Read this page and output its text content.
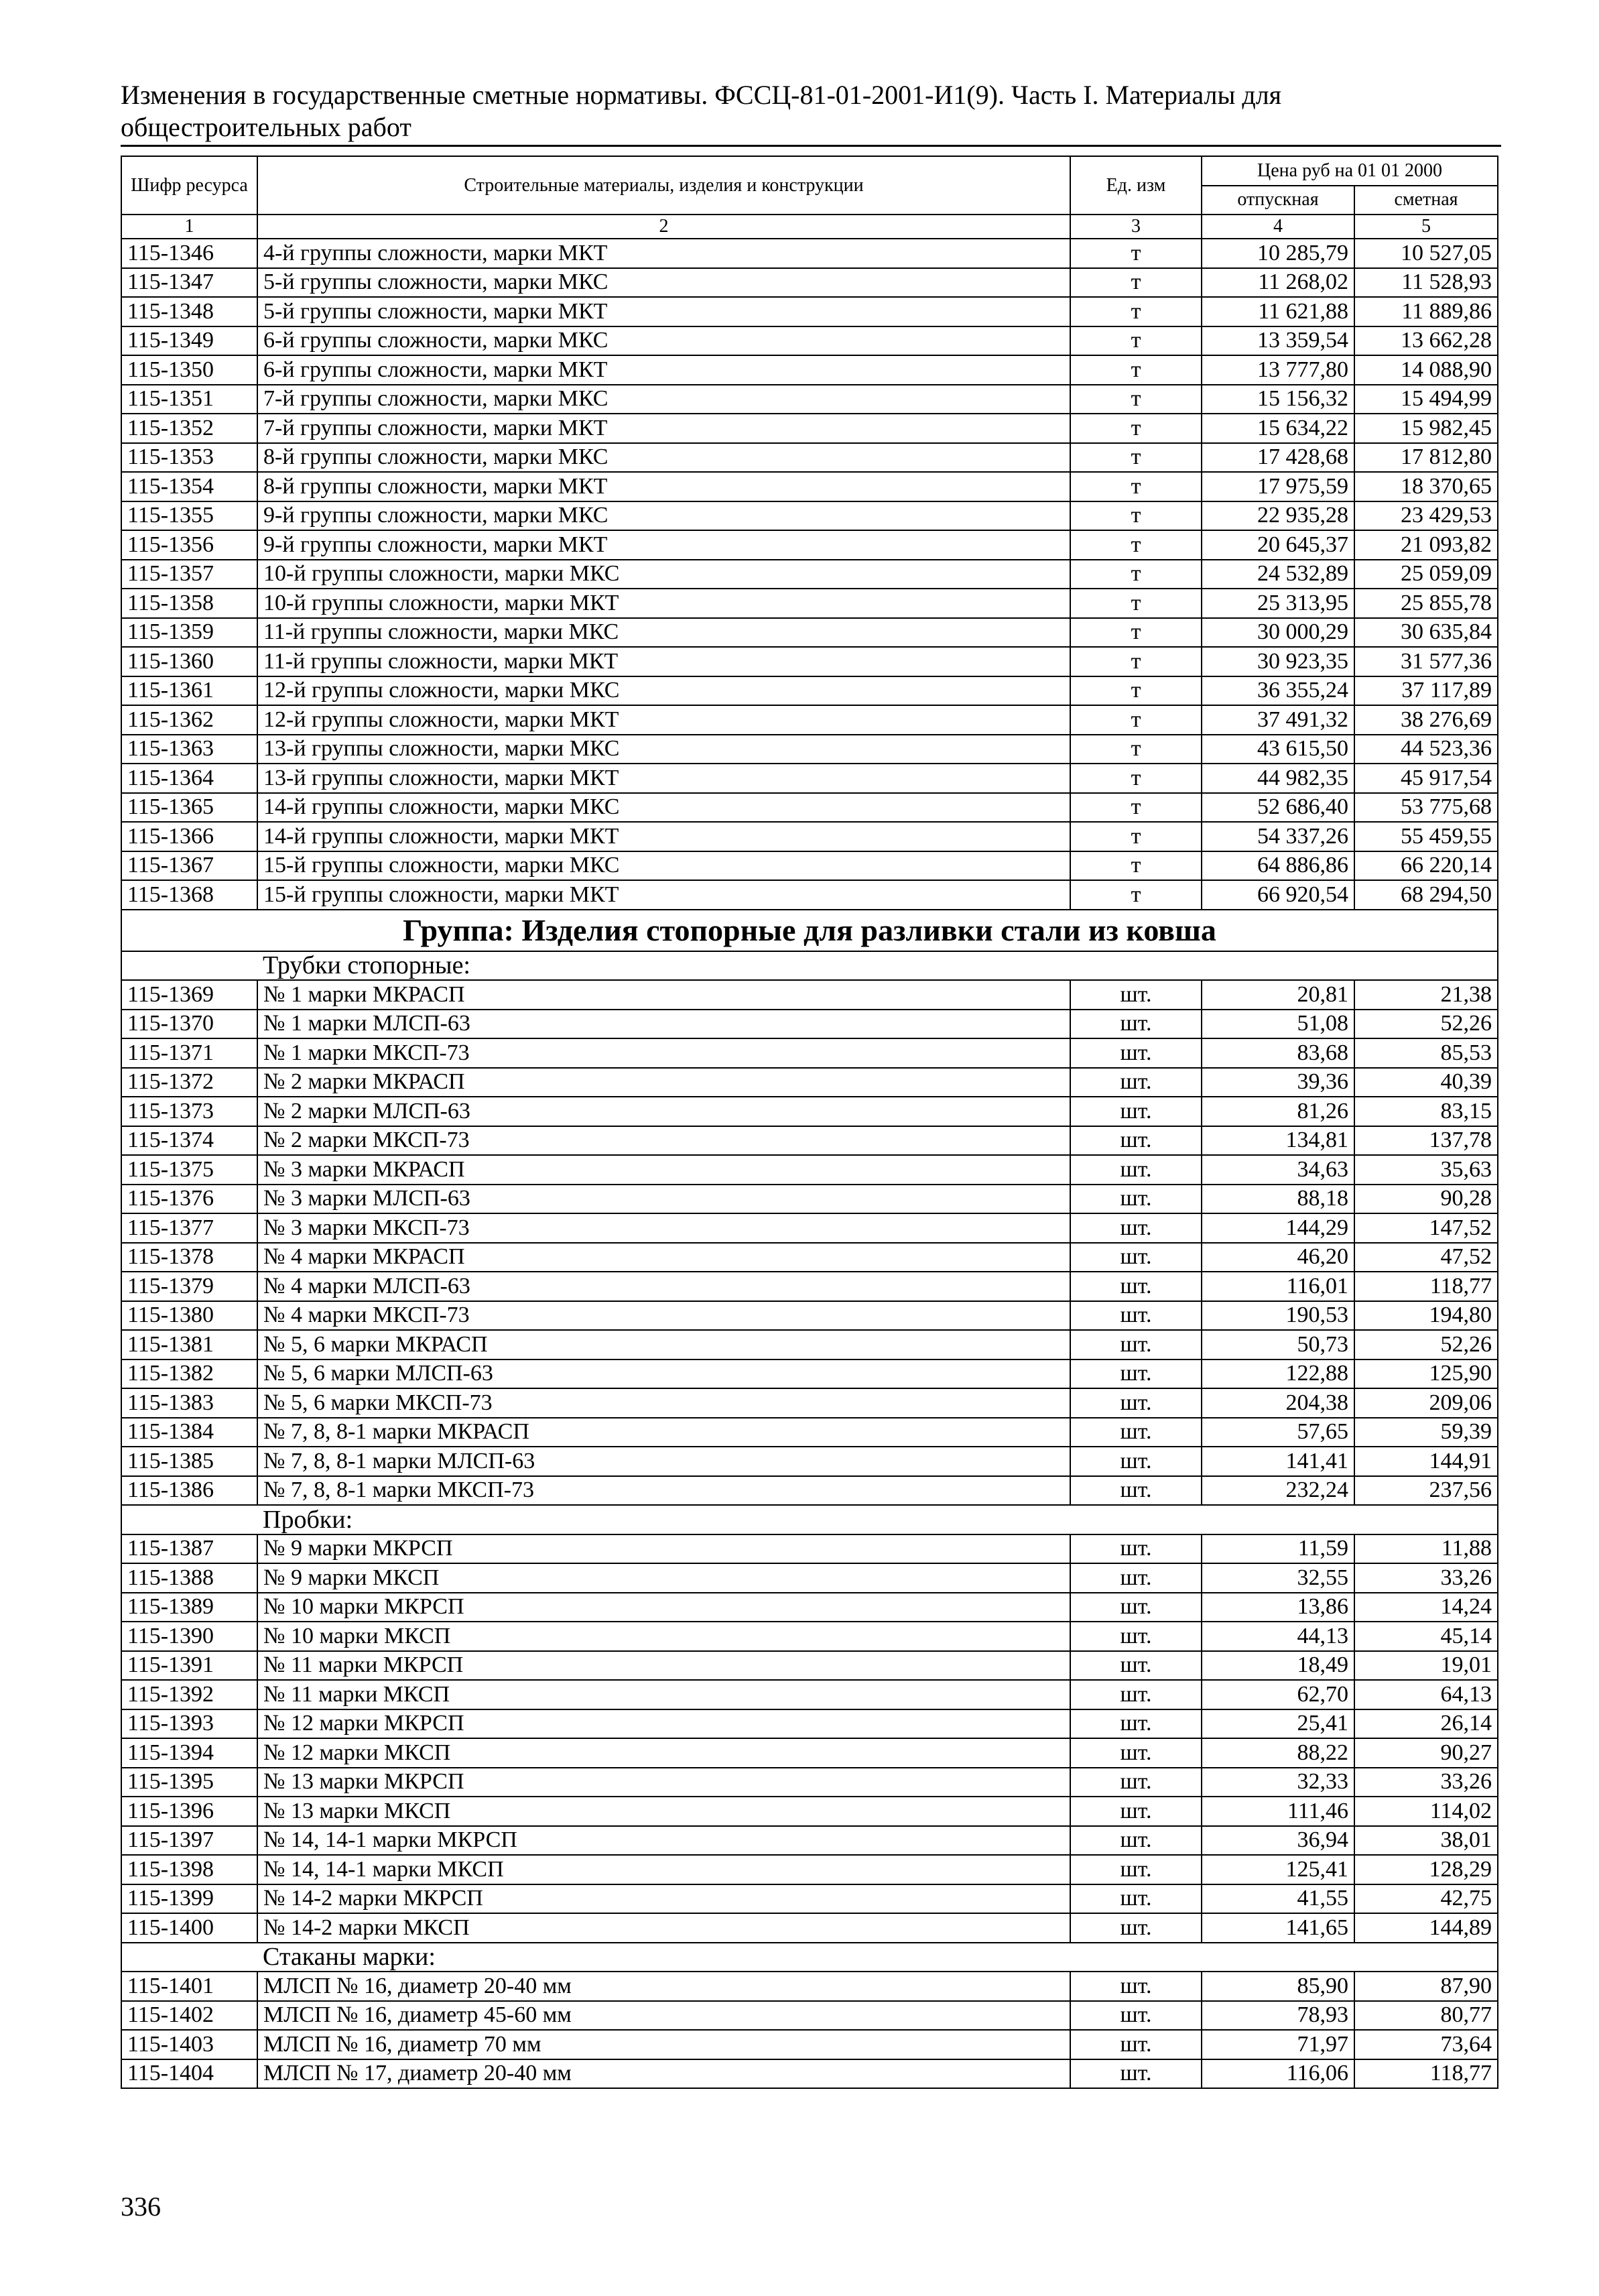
Изменения в государственные сметные нормативы. ФССЦ-81-01-2001-И1(9). Часть I. Материалы для общестроительных работ
Шифр ресурса	Строительные материалы, изделия и конструкции	Ед. изм	Цена руб на 01 01 2000	
			отпускная	сметная
1	2	3	4	5
115-1346	4-й группы сложности, марки МКТ	т	10 285,79	10 527,05
115-1347	5-й группы сложности, марки МКС	т	11 268,02	11 528,93
115-1348	5-й группы сложности, марки МКТ	т	11 621,88	11 889,86
115-1349	6-й группы сложности, марки МКС	т	13 359,54	13 662,28
115-1350	6-й группы сложности, марки МКТ	т	13 777,80	14 088,90
115-1351	7-й группы сложности, марки МКС	т	15 156,32	15 494,99
115-1352	7-й группы сложности, марки МКТ	т	15 634,22	15 982,45
115-1353	8-й группы сложности, марки МКС	т	17 428,68	17 812,80
115-1354	8-й группы сложности, марки МКТ	т	17 975,59	18 370,65
115-1355	9-й группы сложности, марки МКС	т	22 935,28	23 429,53
115-1356	9-й группы сложности, марки МКТ	т	20 645,37	21 093,82
115-1357	10-й группы сложности, марки МКС	т	24 532,89	25 059,09
115-1358	10-й группы сложности, марки МКТ	т	25 313,95	25 855,78
115-1359	11-й группы сложности, марки МКС	т	30 000,29	30 635,84
115-1360	11-й группы сложности, марки МКТ	т	30 923,35	31 577,36
115-1361	12-й группы сложности, марки МКС	т	36 355,24	37 117,89
115-1362	12-й группы сложности, марки МКТ	т	37 491,32	38 276,69
115-1363	13-й группы сложности, марки МКС	т	43 615,50	44 523,36
115-1364	13-й группы сложности, марки МКТ	т	44 982,35	45 917,54
115-1365	14-й группы сложности, марки МКС	т	52 686,40	53 775,68
115-1366	14-й группы сложности, марки МКТ	т	54 337,26	55 459,55
115-1367	15-й группы сложности, марки МКС	т	64 886,86	66 220,14
115-1368	15-й группы сложности, марки МКТ	т	66 920,54	68 294,50
Группа: Изделия стопорные для разливки стали из ковша				
Трубки стопорные:				
115-1369	№ 1 марки МКРАСП	шт.	20,81	21,38
115-1370	№ 1 марки МЛСП-63	шт.	51,08	52,26
115-1371	№ 1 марки МКСП-73	шт.	83,68	85,53
115-1372	№ 2 марки МКРАСП	шт.	39,36	40,39
115-1373	№ 2 марки МЛСП-63	шт.	81,26	83,15
115-1374	№ 2 марки МКСП-73	шт.	134,81	137,78
115-1375	№ 3 марки МКРАСП	шт.	34,63	35,63
115-1376	№ 3 марки МЛСП-63	шт.	88,18	90,28
115-1377	№ 3 марки МКСП-73	шт.	144,29	147,52
115-1378	№ 4 марки МКРАСП	шт.	46,20	47,52
115-1379	№ 4 марки МЛСП-63	шт.	116,01	118,77
115-1380	№ 4 марки МКСП-73	шт.	190,53	194,80
115-1381	№ 5, 6 марки МКРАСП	шт.	50,73	52,26
115-1382	№ 5, 6 марки МЛСП-63	шт.	122,88	125,90
115-1383	№ 5, 6 марки МКСП-73	шт.	204,38	209,06
115-1384	№ 7, 8, 8-1 марки МКРАСП	шт.	57,65	59,39
115-1385	№ 7, 8, 8-1 марки МЛСП-63	шт.	141,41	144,91
115-1386	№ 7, 8, 8-1 марки МКСП-73	шт.	232,24	237,56
Пробки:				
115-1387	№ 9 марки МКРСП	шт.	11,59	11,88
115-1388	№ 9 марки МКСП	шт.	32,55	33,26
115-1389	№ 10 марки МКРСП	шт.	13,86	14,24
115-1390	№ 10 марки МКСП	шт.	44,13	45,14
115-1391	№ 11 марки МКРСП	шт.	18,49	19,01
115-1392	№ 11 марки МКСП	шт.	62,70	64,13
115-1393	№ 12 марки МКРСП	шт.	25,41	26,14
115-1394	№ 12 марки МКСП	шт.	88,22	90,27
115-1395	№ 13 марки МКРСП	шт.	32,33	33,26
115-1396	№ 13 марки МКСП	шт.	111,46	114,02
115-1397	№ 14, 14-1 марки МКРСП	шт.	36,94	38,01
115-1398	№ 14, 14-1 марки МКСП	шт.	125,41	128,29
115-1399	№ 14-2 марки МКРСП	шт.	41,55	42,75
115-1400	№ 14-2 марки МКСП	шт.	141,65	144,89
Стаканы марки:				
115-1401	МЛСП № 16, диаметр 20-40 мм	шт.	85,90	87,90
115-1402	МЛСП № 16, диаметр 45-60 мм	шт.	78,93	80,77
115-1403	МЛСП № 16, диаметр 70 мм	шт.	71,97	73,64
115-1404	МЛСП № 17, диаметр 20-40 мм	шт.	116,06	118,77
336
